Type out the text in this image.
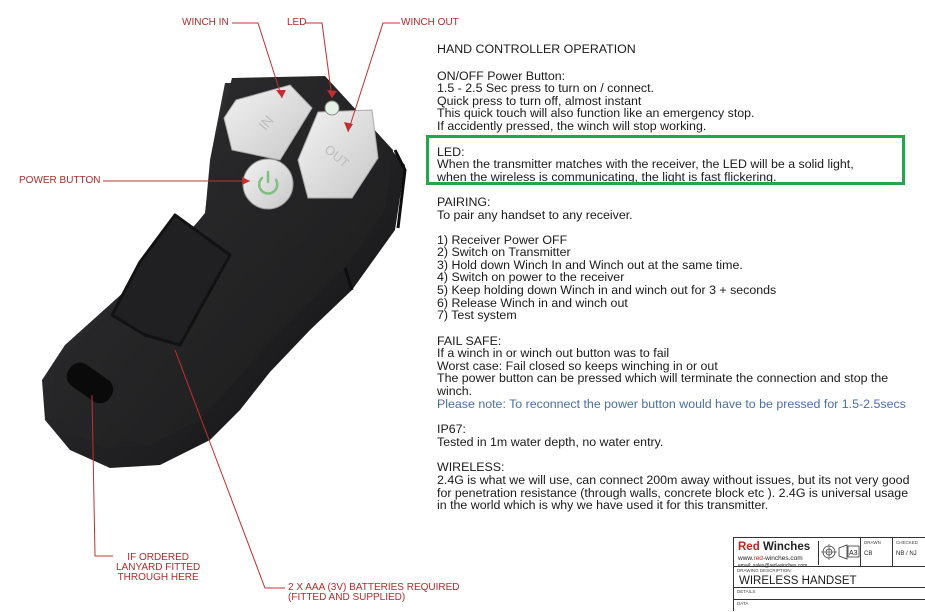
IN
OUT
WINCH IN	LED	WINCH OUT
POWER BUTTON
IF ORDERED
LANYARD FITTED
THROUGH HERE
2 X AAA (3V) BATTERIES REQUIRED
(FITTED AND SUPPLIED)
HAND CONTROLLER OPERATION
ON/OFF Power Button:
1.5 - 2.5 Sec press to turn on / connect.
Quick press to turn off, almost instant
This quick touch will also function like an emergency stop.
If accidently pressed, the winch will stop working.
LED:
When the transmitter matches with the receiver, the LED will be a solid light,
when the wireless is communicating, the light is fast flickering.
PAIRING:
To pair any handset to any receiver.
1) Receiver Power OFF
2) Switch on Transmitter
3) Hold down Winch In and Winch out at the same time.
4) Switch on power to the receiver
5) Keep holding down Winch in and winch out for 3 + seconds
6) Release Winch in and winch out
7) Test system
FAIL SAFE:
If a winch in or winch out button was to fail
Worst case: Fail closed so keeps winching in or out
The power button can be pressed which will terminate the connection and stop the winch.
Please note: To reconnect the power button would have to be pressed for 1.5-2.5secs
IP67:
Tested in 1m water depth, no water entry.
WIRELESS:
2.4G is what we will use, can connect 200m away without issues, but its not very good for penetration resistance (through walls, concrete block etc ). 2.4G is universal usage in the world which is why we have used it for this transmitter.
Red Winches
www.red-winches.com
email: sales@red-winches.com
A3
DRAWN
CB
CHECKED
NB / NJ
DRAWING DESCRIPTION:
WIRELESS HANDSET
DETAILS
DATA
